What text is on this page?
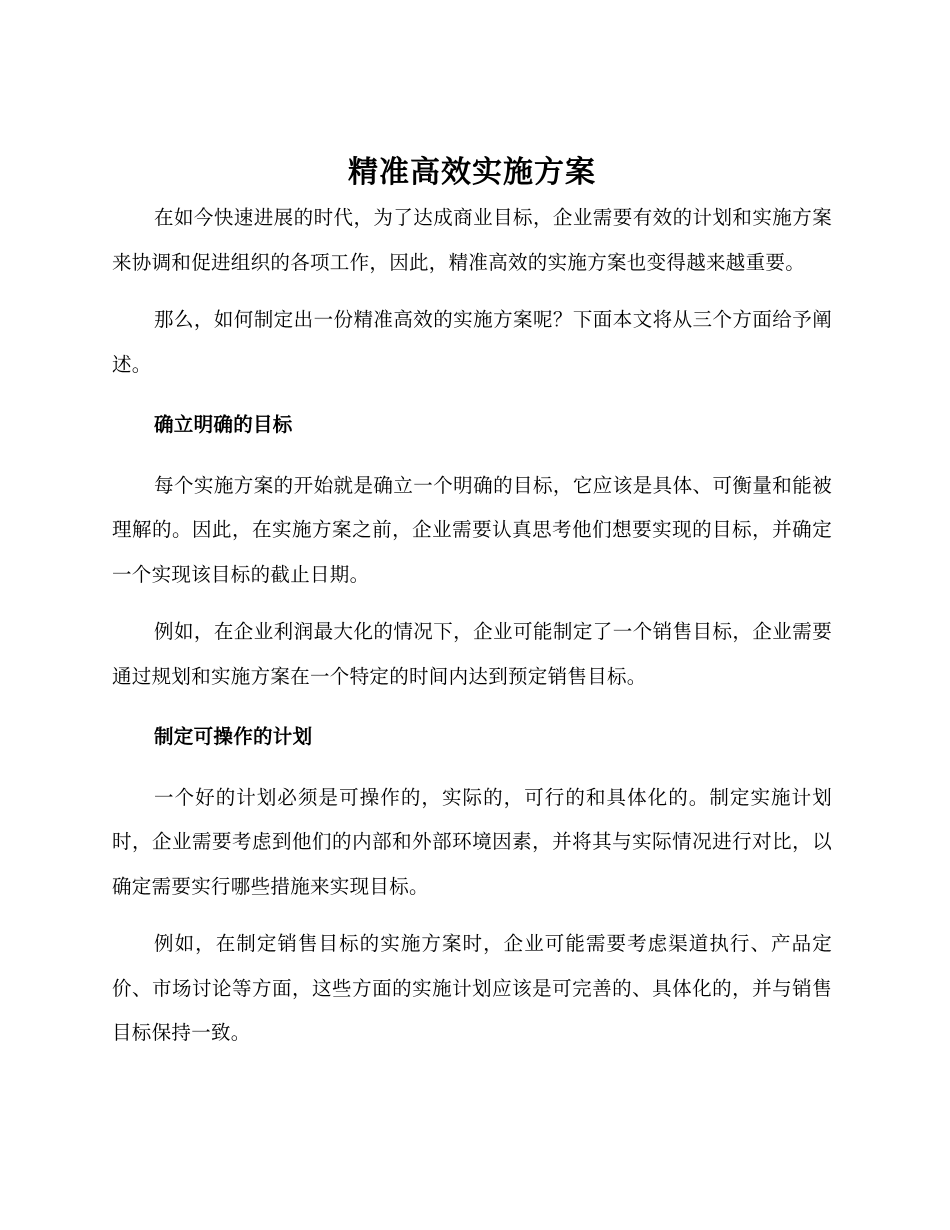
精准高效实施方案

在如今快速进展的时代，为了达成商业目标，企业需要有效的计划和实施方案来协调和促进组织的各项工作，因此，精准高效的实施方案也变得越来越重要。

那么，如何制定出一份精准高效的实施方案呢？下面本文将从三个方面给予阐述。

确立明确的目标

每个实施方案的开始就是确立一个明确的目标，它应该是具体、可衡量和能被理解的。因此，在实施方案之前，企业需要认真思考他们想要实现的目标，并确定一个实现该目标的截止日期。

例如，在企业利润最大化的情况下，企业可能制定了一个销售目标，企业需要通过规划和实施方案在一个特定的时间内达到预定销售目标。

制定可操作的计划

一个好的计划必须是可操作的，实际的，可行的和具体化的。制定实施计划时，企业需要考虑到他们的内部和外部环境因素，并将其与实际情况进行对比，以确定需要实行哪些措施来实现目标。

例如，在制定销售目标的实施方案时，企业可能需要考虑渠道执行、产品定价、市场讨论等方面，这些方面的实施计划应该是可完善的、具体化的，并与销售目标保持一致。
